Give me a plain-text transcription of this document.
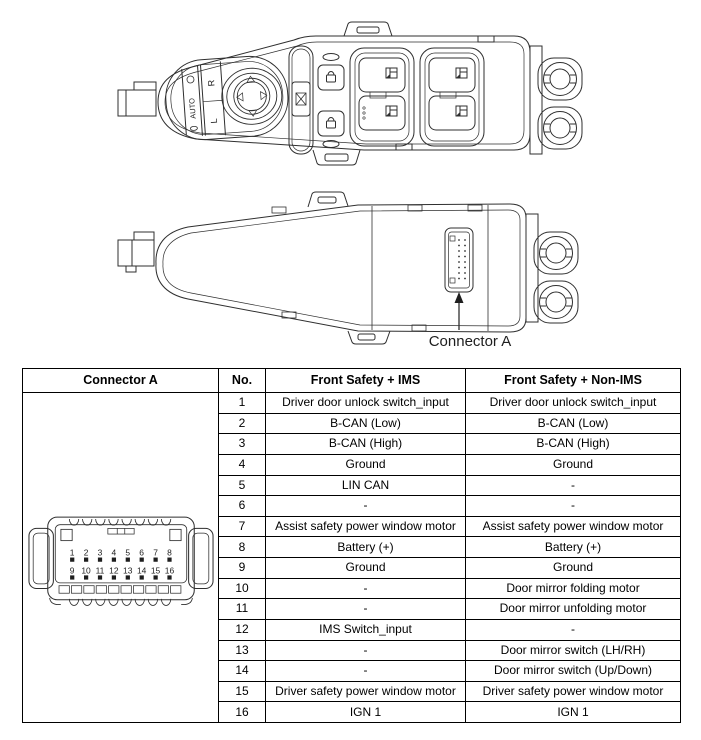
AUTO
R
L
Connector A
Connector A	No.	Front Safety + IMS	Front Safety + Non-IMS

1 2 3 4 5 6 7 8
9 10 11 12 13 14 15 16
	1	Driver door unlock switch_input	Driver door unlock switch_input
	2	B-CAN (Low)	B-CAN (Low)
	3	B-CAN (High)	B-CAN (High)
	4	Ground	Ground
	5	LIN CAN	-
	6	-	-
	7	Assist safety power window motor	Assist safety power window motor
	8	Battery (+)	Battery (+)
	9	Ground	Ground
	10	-	Door mirror folding motor
	11	-	Door mirror unfolding motor
	12	IMS Switch_input	-
	13	-	Door mirror switch (LH/RH)
	14	-	Door mirror switch (Up/Down)
	15	Driver safety power window motor	Driver safety power window motor
	16	IGN 1	IGN 1
